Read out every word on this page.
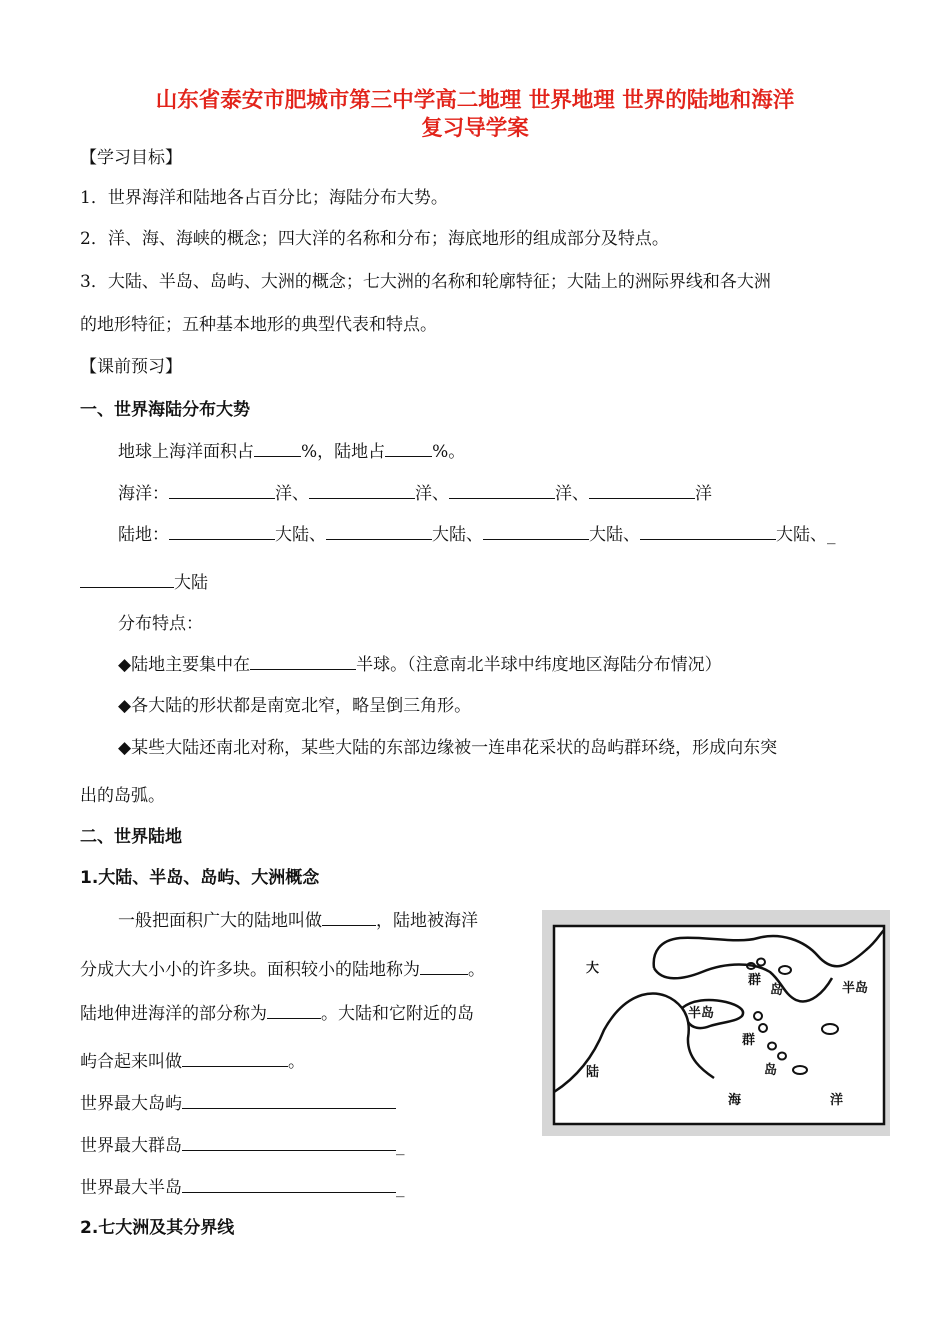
山东省泰安市肥城市第三中学高二地理 世界地理 世界的陆地和海洋
复习导学案
【学习目标】
1．世界海洋和陆地各占百分比；海陆分布大势。
2．洋、海、海峡的概念；四大洋的名称和分布；海底地形的组成部分及特点。
3．大陆、半岛、岛屿、大洲的概念；七大洲的名称和轮廓特征；大陆上的洲际界线和各大洲
的地形特征；五种基本地形的典型代表和特点。
【课前预习】
一、世界海陆分布大势
地球上海洋面积占	%，陆地占	%。
海洋：	洋、	洋、	洋、	洋
陆地：	大陆、	大陆、	大陆、	大陆、_
大陆
分布特点：
◆陆地主要集中在	半球。（注意南北半球中纬度地区海陆分布情况）
◆各大陆的形状都是南宽北窄，略呈倒三角形。
◆某些大陆还南北对称，某些大陆的东部边缘被一连串花采状的岛屿群环绕，形成向东突
出的岛弧。
二、世界陆地
1.大陆、半岛、岛屿、大洲概念
一般把面积广大的陆地叫做	，陆地被海洋
分成大大小小的许多块。面积较小的陆地称为	。
陆地伸进海洋的部分称为	。大陆和它附近的岛
屿合起来叫做	。
世界最大岛屿
世界最大群岛	_
世界最大半岛	_
2.七大洲及其分界线
大
陆
半岛
半岛
群
岛
群
岛
海	洋
